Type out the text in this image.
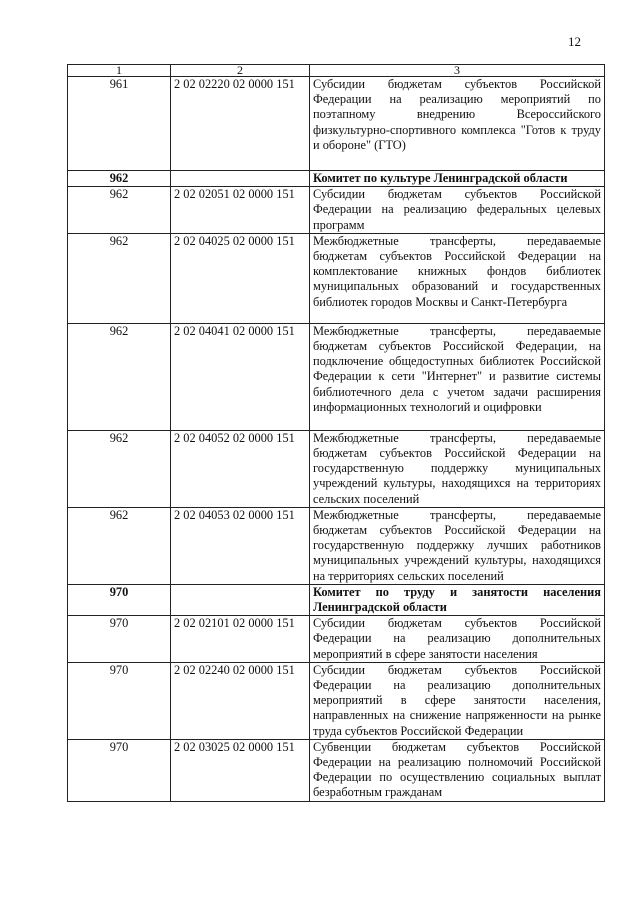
12
1	2	3
961	2 02 02220 02 0000 151	Субсидии бюджетам субъектов Российской Федерации на реализацию мероприятий по поэтапному внедрению Всероссийского физкультурно-спортивного комплекса "Готов к труду и обороне" (ГТО)
962		Комитет по культуре Ленинградской области
962	2 02 02051 02 0000 151	Субсидии бюджетам субъектов Российской Федерации на реализацию федеральных целевых программ
962	2 02 04025 02 0000 151	Межбюджетные трансферты, передаваемые бюджетам субъектов Российской Федерации на комплектование книжных фондов библиотек муниципальных образований и государственных библиотек городов Москвы и Санкт-Петербурга
962	2 02 04041 02 0000 151	Межбюджетные трансферты, передаваемые бюджетам субъектов Российской Федерации, на подключение общедоступных библиотек Российской Федерации к сети "Интернет" и развитие системы библиотечного дела с учетом задачи расширения информационных технологий и оцифровки
962	2 02 04052 02 0000 151	Межбюджетные трансферты, передаваемые бюджетам субъектов Российской Федерации на государственную поддержку муниципальных учреждений культуры, находящихся на территориях сельских поселений
962	2 02 04053 02 0000 151	Межбюджетные трансферты, передаваемые бюджетам субъектов Российской Федерации на государственную поддержку лучших работников муниципальных учреждений культуры, находящихся на территориях сельских поселений
970		Комитет по труду и занятости населения Ленинградской области
970	2 02 02101 02 0000 151	Субсидии бюджетам субъектов Российской Федерации на реализацию дополнительных мероприятий в сфере занятости населения
970	2 02 02240 02 0000 151	Субсидии бюджетам субъектов Российской Федерации на реализацию дополнительных мероприятий в сфере занятости населения, направленных на снижение напряженности на рынке труда субъектов Российской Федерации
970	2 02 03025 02 0000 151	Субвенции бюджетам субъектов Российской Федерации на реализацию полномочий Российской Федерации по осуществлению социальных выплат безработным гражданам
